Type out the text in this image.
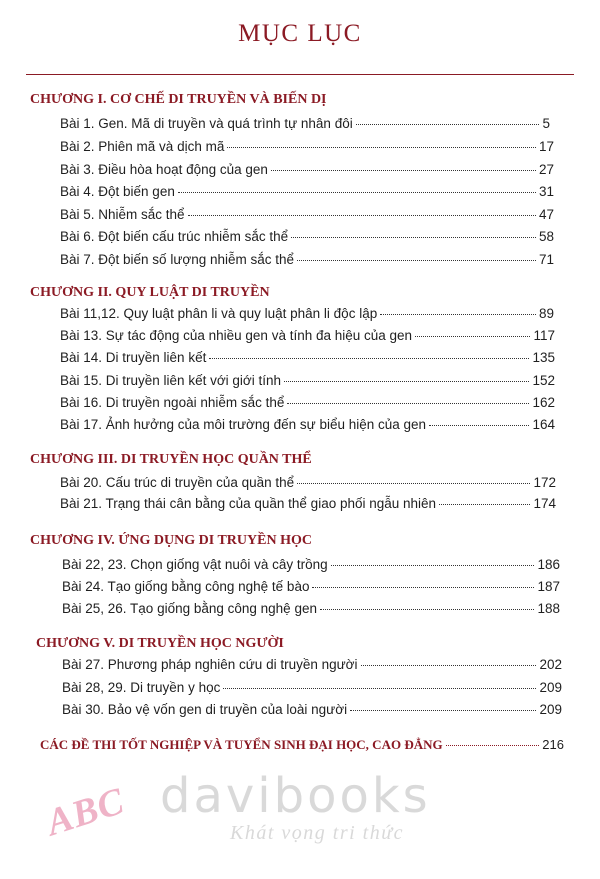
MỤC LỤC
CHƯƠNG I. CƠ CHẾ DI TRUYỀN VÀ BIẾN DỊ
Bài 1. Gen. Mã di truyền và quá trình tự nhân đôi	5
Bài 2. Phiên mã và dịch mã	17
Bài 3. Điều hòa hoạt động của gen	27
Bài 4. Đột biến gen	31
Bài 5. Nhiễm sắc thể	47
Bài 6. Đột biến cấu trúc nhiễm sắc thể	58
Bài 7. Đột biến số lượng nhiễm sắc thể	71
CHƯƠNG II. QUY LUẬT DI TRUYỀN
Bài 11,12. Quy luật phân li và quy luật phân li độc lập	89
Bài 13. Sự tác động của nhiều gen và tính đa hiệu của gen	117
Bài 14. Di truyền liên kết	135
Bài 15. Di truyền liên kết với giới tính	152
Bài 16. Di truyền ngoài nhiễm sắc thể	162
Bài 17. Ảnh hưởng của môi trường đến sự biểu hiện của gen	164
CHƯƠNG III. DI TRUYỀN HỌC QUẦN THỂ
Bài 20. Cấu trúc di truyền của quần thể	172
Bài 21. Trạng thái cân bằng của quần thể giao phối ngẫu nhiên	174
CHƯƠNG IV. ỨNG DỤNG DI TRUYỀN HỌC
Bài 22, 23. Chọn giống vật nuôi và cây trồng	186
Bài 24. Tạo giống bằng công nghệ tế bào	187
Bài 25, 26. Tạo giống bằng công nghệ gen	188
CHƯƠNG V. DI TRUYỀN HỌC NGƯỜI
Bài 27. Phương pháp nghiên cứu di truyền người	202
Bài 28, 29. Di truyền y học	209
Bài 30. Bảo vệ vốn gen di truyền của loài người	209
CÁC ĐỀ THI TỐT NGHIỆP VÀ TUYỂN SINH ĐẠI HỌC, CAO ĐẲNG	216
ABC davibooks
Khát vọng tri thức
